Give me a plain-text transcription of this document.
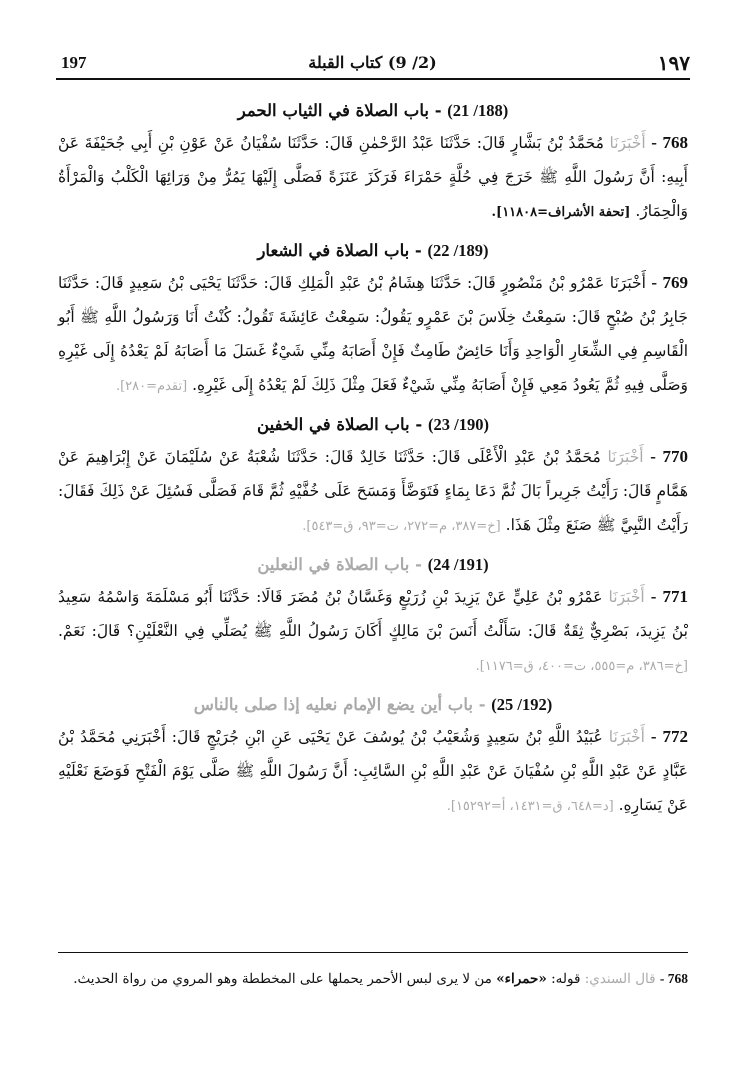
197	(2/ 9) كتاب القبلة	١٩٧
(188/ 21) - باب الصلاة في الثياب الحمر
768 - أَخْبَرَنَا مُحَمَّدُ بْنُ بَشَّارٍ قَالَ: حَدَّثَنَا عَبْدُ الرَّحْمٰنِ قَالَ: حَدَّثَنَا سُفْيَانُ عَنْ عَوْنِ بْنِ أَبِي جُحَيْفَةَ عَنْ أَبِيهِ: أَنَّ رَسُولَ اللَّهِ ﷺ خَرَجَ فِي حُلَّةٍ حَمْرَاءَ فَرَكَزَ عَنَزَةً فَصَلَّى إِلَيْهَا يَمُرُّ مِنْ وَرَائِهَا الْكَلْبُ وَالْمَرْأَةُ وَالْحِمَارُ. [تحفة الأشراف=١١٨٠٨].
(189/ 22) - باب الصلاة في الشعار
769 - أَخْبَرَنَا عَمْرُو بْنُ مَنْصُورٍ قَالَ: حَدَّثَنَا هِشَامُ بْنُ عَبْدِ الْمَلِكِ قَالَ: حَدَّثَنَا يَحْيَى بْنُ سَعِيدٍ قَالَ: حَدَّثَنَا جَابِرُ بْنُ صُبْحٍ قَالَ: سَمِعْتُ خِلَاسَ بْنَ عَمْرٍو يَقُولُ: سَمِعْتُ عَائِشَةَ تَقُولُ: كُنْتُ أَنَا وَرَسُولُ اللَّهِ ﷺ أَبُو الْقَاسِمِ فِي الشِّعَارِ الْوَاحِدِ وَأَنَا حَائِضٌ طَامِثٌ فَإِنْ أَصَابَهُ مِنِّي شَيْءٌ غَسَلَ مَا أَصَابَهُ لَمْ يَعْدُهُ إِلَى غَيْرِهِ وَصَلَّى فِيهِ ثُمَّ يَعُودُ مَعِي فَإِنْ أَصَابَهُ مِنِّي شَيْءٌ فَعَلَ مِثْلَ ذَلِكَ لَمْ يَعْدُهُ إِلَى غَيْرِهِ. [تقدم=٢٨٠].
(190/ 23) - باب الصلاة في الخفين
770 - أَخْبَرَنَا مُحَمَّدُ بْنُ عَبْدِ الْأَعْلَى قَالَ: حَدَّثَنَا خَالِدٌ قَالَ: حَدَّثَنَا شُعْبَةُ عَنْ سُلَيْمَانَ عَنْ إِبْرَاهِيمَ عَنْ هَمَّامٍ قَالَ: رَأَيْتُ جَرِيراً بَالَ ثُمَّ دَعَا بِمَاءٍ فَتَوَضَّأَ وَمَسَحَ عَلَى خُفَّيْهِ ثُمَّ قَامَ فَصَلَّى فَسُئِلَ عَنْ ذَلِكَ فَقَالَ: رَأَيْتُ النَّبِيَّ ﷺ صَنَعَ مِثْلَ هَذَا. [خ=٣٨٧، م=٢٧٢، ت=٩٣، ق=٥٤٣].
(191/ 24) - باب الصلاة في النعلين
771 - أَخْبَرَنَا عَمْرُو بْنُ عَلِيٍّ عَنْ يَزِيدَ بْنِ زُرَيْعٍ وَغَسَّانُ بْنُ مُضَرَ قَالَا: حَدَّثَنَا أَبُو مَسْلَمَةَ وَاسْمُهُ سَعِيدُ بْنُ يَزِيدَ، بَصْرِيٌّ ثِقَةٌ قَالَ: سَأَلْتُ أَنَسَ بْنَ مَالِكٍ أَكَانَ رَسُولُ اللَّهِ ﷺ يُصَلِّي فِي النَّعْلَيْنِ؟ قَالَ: نَعَمْ. [خ=٣٨٦، م=٥٥٥، ت=٤٠٠، ق=١١٧٦].
(192/ 25) - باب أين يضع الإمام نعليه إذا صلى بالناس
772 - أَخْبَرَنَا عُبَيْدُ اللَّهِ بْنُ سَعِيدٍ وَشُعَيْبُ بْنُ يُوسُفَ عَنْ يَحْيَى عَنِ ابْنِ جُرَيْجٍ قَالَ: أَخْبَرَنِي مُحَمَّدُ بْنُ عَبَّادٍ عَنْ عَبْدِ اللَّهِ بْنِ سُفْيَانَ عَنْ عَبْدِ اللَّهِ بْنِ السَّائِبِ: أَنَّ رَسُولَ اللَّهِ ﷺ صَلَّى يَوْمَ الْفَتْحِ فَوَضَعَ نَعْلَيْهِ عَنْ يَسَارِهِ. [د=٦٤٨، ق=١٤٣١، أ=١٥٢٩٢].
768 - قال السندي: قوله: «حمراء» من لا يرى لبس الأحمر يحملها على المخططة وهو المروي من رواة الحديث.
